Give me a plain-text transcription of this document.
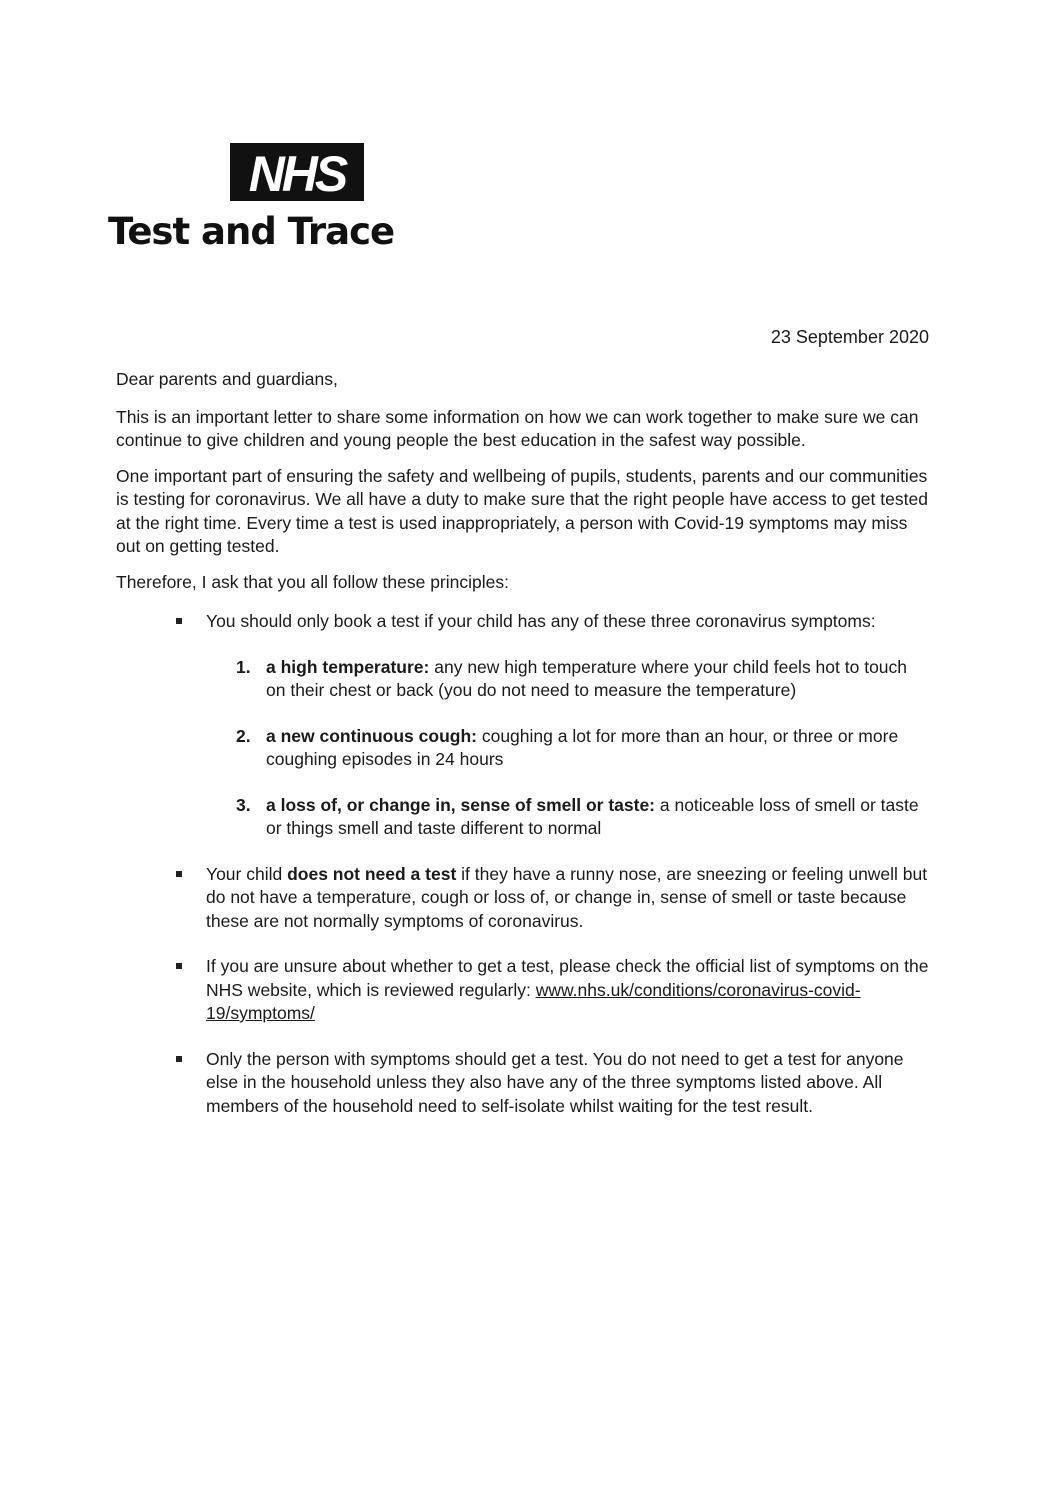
NHS
Test and Trace
23 September 2020

Dear parents and guardians,

This is an important letter to share some information on how we can work together to make sure we can continue to give children and young people the best education in the safest way possible.

One important part of ensuring the safety and wellbeing of pupils, students, parents and our communities is testing for coronavirus. We all have a duty to make sure that the right people have access to get tested at the right time. Every time a test is used inappropriately, a person with Covid-19 symptoms may miss out on getting tested.

Therefore, I ask that you all follow these principles:

You should only book a test if your child has any of these three coronavirus symptoms:
1. a high temperature: any new high temperature where your child feels hot to touch on their chest or back (you do not need to measure the temperature)
2. a new continuous cough: coughing a lot for more than an hour, or three or more coughing episodes in 24 hours
3. a loss of, or change in, sense of smell or taste: a noticeable loss of smell or taste or things smell and taste different to normal
Your child does not need a test if they have a runny nose, are sneezing or feeling unwell but do not have a temperature, cough or loss of, or change in, sense of smell or taste because these are not normally symptoms of coronavirus.
If you are unsure about whether to get a test, please check the official list of symptoms on the NHS website, which is reviewed regularly: www.nhs.uk/conditions/coronavirus-covid-19/symptoms/
Only the person with symptoms should get a test. You do not need to get a test for anyone else in the household unless they also have any of the three symptoms listed above. All members of the household need to self-isolate whilst waiting for the test result.
